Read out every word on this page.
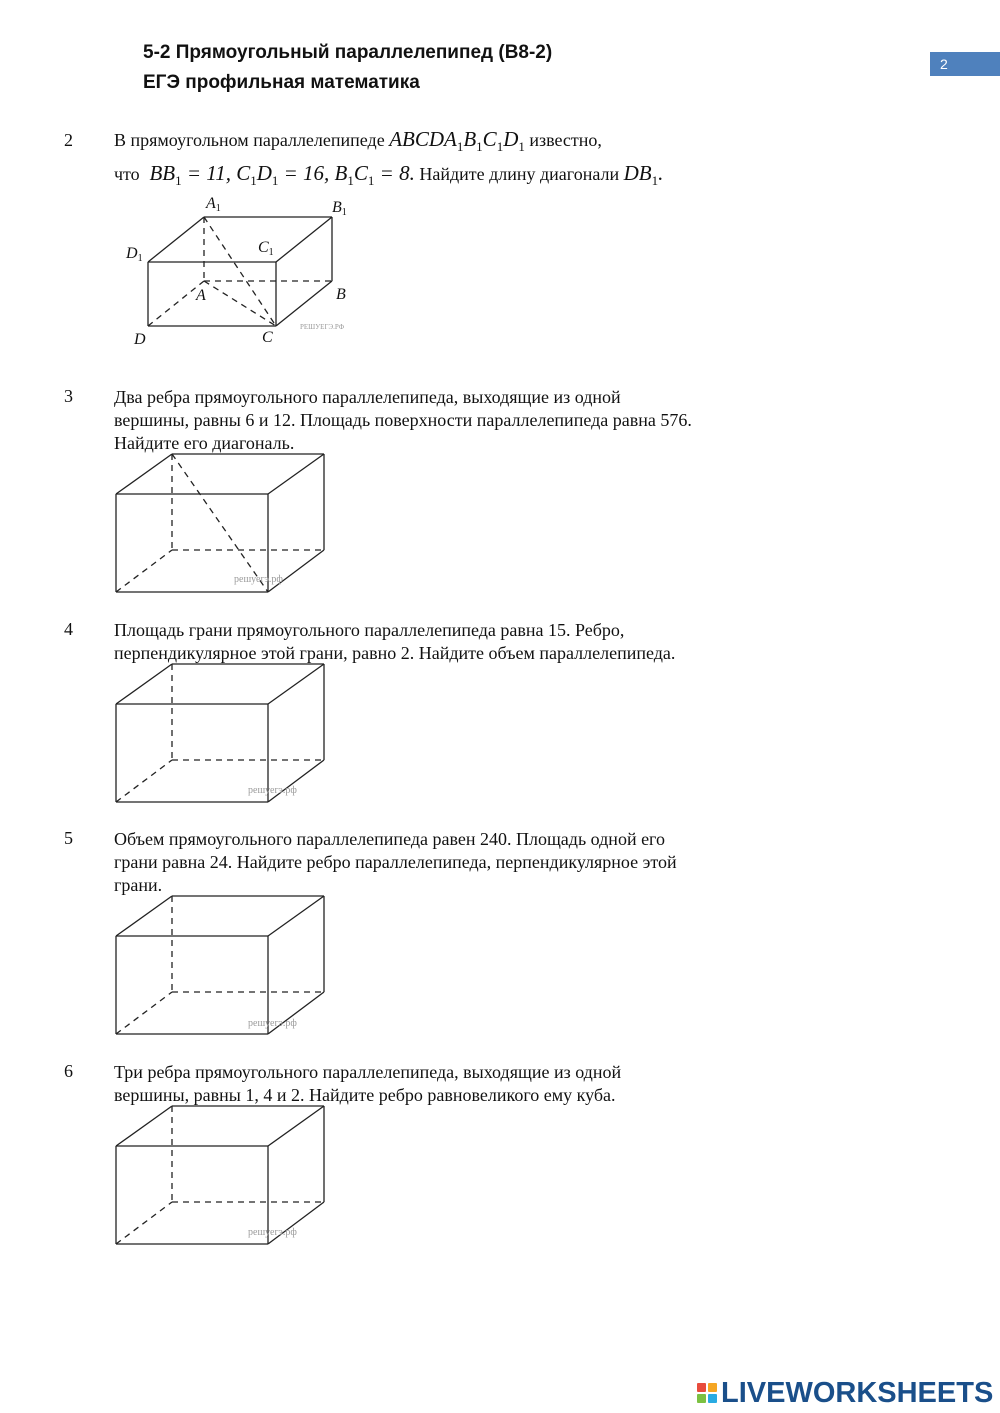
5-2 Прямоугольный параллелепипед (В8-2)
ЕГЭ профильная математика
2
2 В прямоугольном параллелепипеде $ABCDA_1B_1C_1D_1$ известно,
что  $BB_1 = 11$, $C_1D_1 = 16$, $B_1C_1 = 8$. Найдите длину диагонали $DB_1$.
A1	B1
D1
C1
A	B
C
D
РЕШУЕГЭ.РФ
3 Два ребра прямоугольного параллелепипеда, выходящие из одной
вершины, равны 6 и 12. Площадь поверхности параллелепипеда равна 576.
Найдите его диагональ.
решуегэ.рф
4 Площадь грани прямоугольного параллелепипеда равна 15. Ребро,
перпендикулярное этой грани, равно 2. Найдите объем параллелепипеда.
решуегэ.рф
5 Объем прямоугольного параллелепипеда равен 240. Площадь одной его
грани равна 24. Найдите ребро параллелепипеда, перпендикулярное этой
грани.
решуегэ.рф
6 Три ребра прямоугольного параллелепипеда, выходящие из одной
вершины, равны 1, 4 и 2. Найдите ребро равновеликого ему куба.
решуегэ.рф
LIVEWORKSHEETS
